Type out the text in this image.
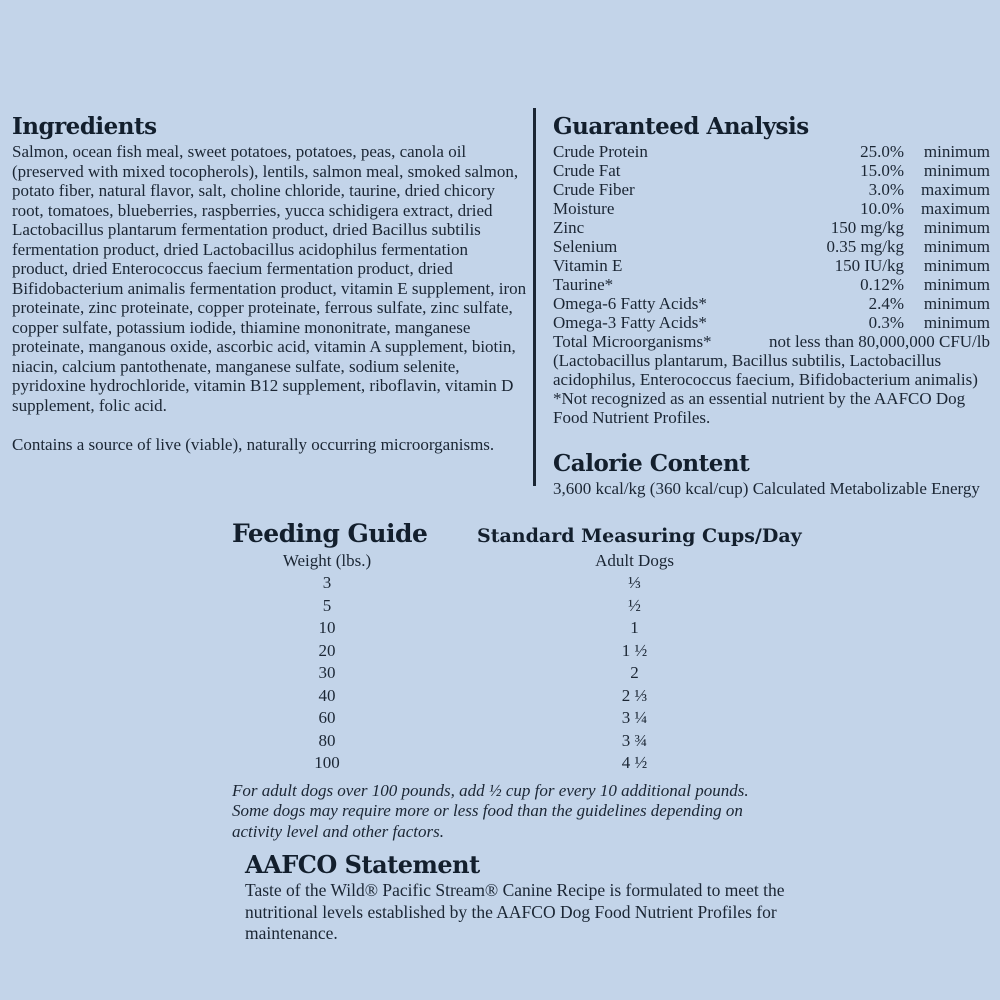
Ingredients

Salmon, ocean fish meal, sweet potatoes, potatoes, peas, canola oil (preserved with mixed tocopherols), lentils, salmon meal, smoked salmon, potato fiber, natural flavor, salt, choline chloride, taurine, dried chicory root, tomatoes, blueberries, raspberries, yucca schidigera extract, dried Lactobacillus plantarum fermentation product, dried Bacillus subtilis fermentation product, dried Lactobacillus acidophilus fermentation product, dried Enterococcus faecium fermentation product, dried Bifidobacterium animalis fermentation product, vitamin E supplement, iron proteinate, zinc proteinate, copper proteinate, ferrous sulfate, zinc sulfate, copper sulfate, potassium iodide, thiamine mononitrate, manganese proteinate, manganous oxide, ascorbic acid, vitamin A supplement, biotin, niacin, calcium pantothenate, manganese sulfate, sodium selenite, pyridoxine hydrochloride, vitamin B12 supplement, riboflavin, vitamin D supplement, folic acid.

Contains a source of live (viable), naturally occurring microorganisms.

Guaranteed Analysis
Crude Protein	25.0%	minimum
Crude Fat	15.0%	minimum
Crude Fiber	3.0%	maximum
Moisture	10.0%	maximum
Zinc	150 mg/kg	minimum
Selenium	0.35 mg/kg	minimum
Vitamin E	150 IU/kg	minimum
Taurine*	0.12%	minimum
Omega-6 Fatty Acids*	2.4%	minimum
Omega-3 Fatty Acids*	0.3%	minimum
Total Microorganisms*	not less than 80,000,000 CFU/lb

(Lactobacillus plantarum, Bacillus subtilis, Lactobacillus acidophilus, Enterococcus faecium, Bifidobacterium animalis)

*Not recognized as an essential nutrient by the AAFCO Dog Food Nutrient Profiles.

Calorie Content

3,600 kcal/kg (360 kcal/cup) Calculated Metabolizable Energy

Feeding Guide	Standard Measuring Cups/Day
Weight (lbs.)	Adult Dogs
3	⅓
5	½
10	1
20	1 ½
30	2
40	2 ⅓
60	3 ¼
80	3 ¾
100	4 ½

For adult dogs over 100 pounds, add ½ cup for every 10 additional pounds. Some dogs may require more or less food than the guidelines depending on activity level and other factors.

AAFCO Statement

Taste of the Wild® Pacific Stream® Canine Recipe is formulated to meet the nutritional levels established by the AAFCO Dog Food Nutrient Profiles for maintenance.
